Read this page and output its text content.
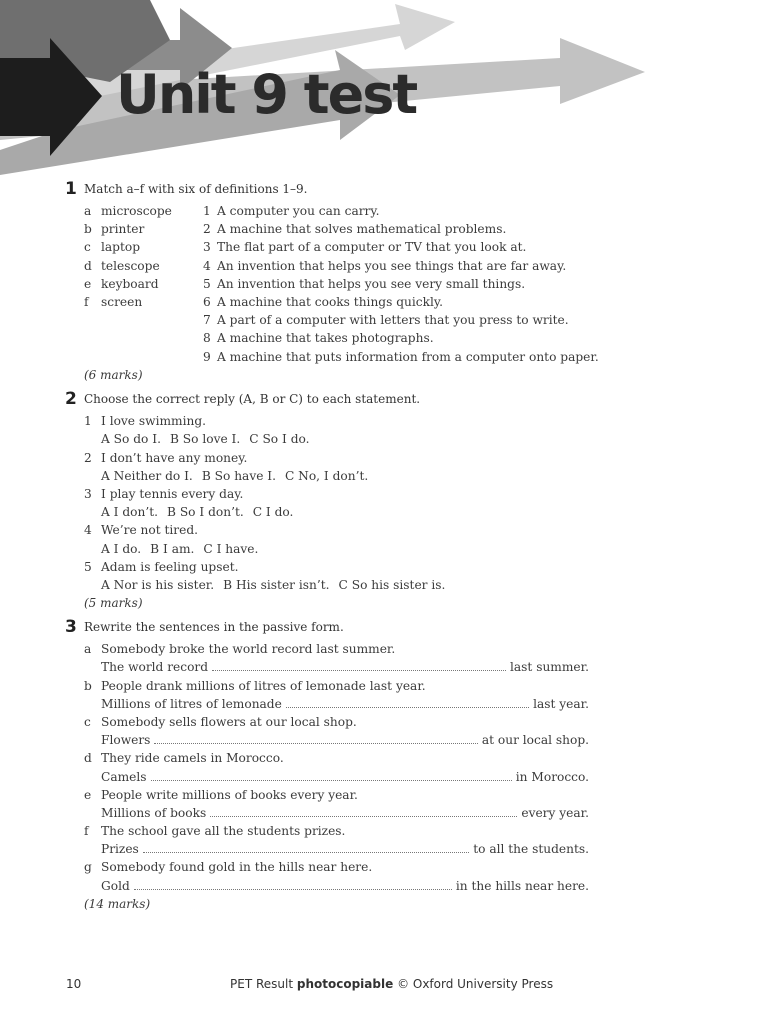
Unit 9 test
1 Match a–f with six of definitions 1–9.
a microscope
b printer
c laptop
d telescope
e keyboard
f screen
1 A computer you can carry.
2 A machine that solves mathematical problems.
3 The flat part of a computer or TV that you look at.
4 An invention that helps you see things that are far away.
5 An invention that helps you see very small things.
6 A machine that cooks things quickly.
7 A part of a computer with letters that you press to write.
8 A machine that takes photographs.
9 A machine that puts information from a computer onto paper.
(6 marks)
2 Choose the correct reply (A, B or C) to each statement.
1 I love swimming.
A So do I. B So love I. C So I do.
2 I don’t have any money.
A Neither do I. B So have I. C No, I don’t.
3 I play tennis every day.
A I don’t. B So I don’t. C I do.
4 We’re not tired.
A I do. B I am. C I have.
5 Adam is feeling upset.
A Nor is his sister. B His sister isn’t. C So his sister is.
(5 marks)
3 Rewrite the sentences in the passive form.
a Somebody broke the world record last summer.
The world record	last summer.
b People drank millions of litres of lemonade last year.
Millions of litres of lemonade	last year.
c Somebody sells flowers at our local shop.
Flowers	at our local shop.
d They ride camels in Morocco.
Camels	in Morocco.
e People write millions of books every year.
Millions of books	every year.
f The school gave all the students prizes.
Prizes	to all the students.
g Somebody found gold in the hills near here.
Gold	in the hills near here.
(14 marks)
10	PET Result photocopiable © Oxford University Press
